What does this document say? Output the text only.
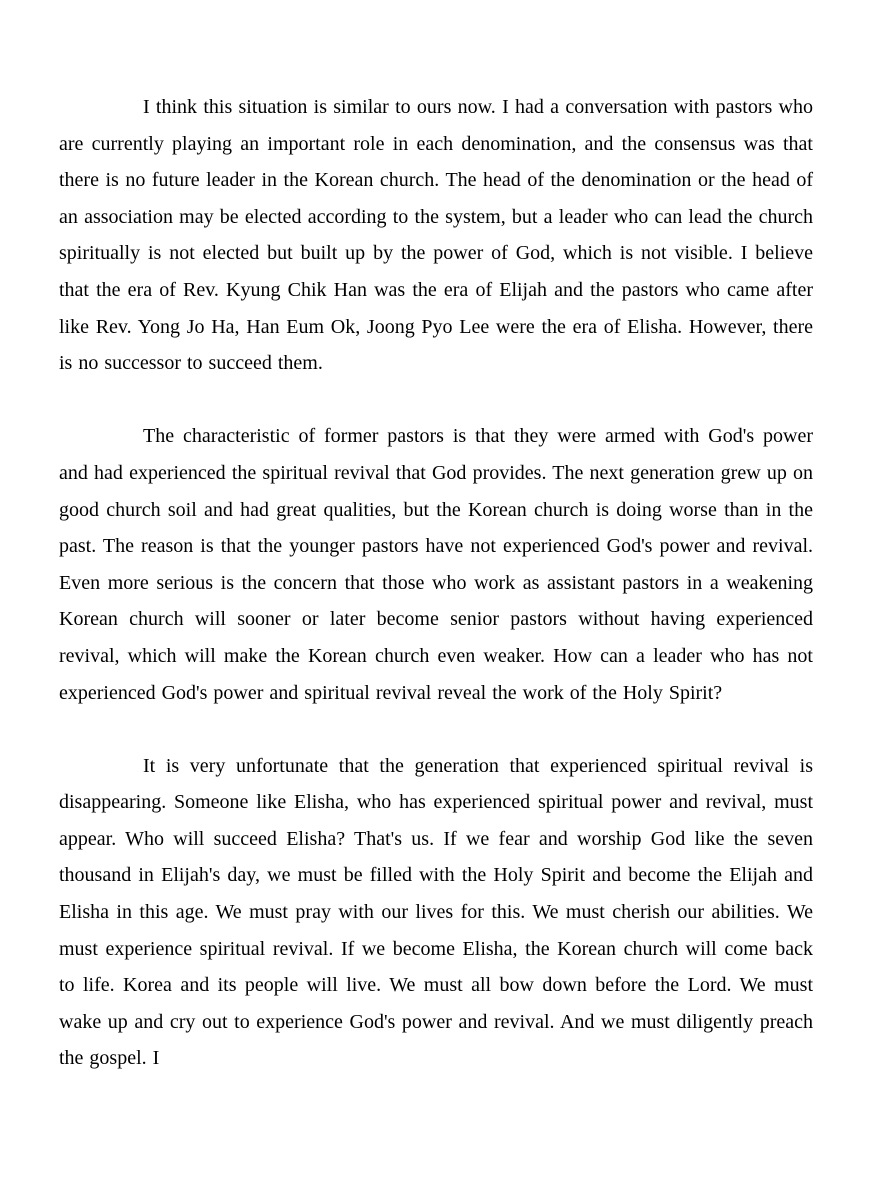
I think this situation is similar to ours now. I had a conversation with pastors who are currently playing an important role in each denomination, and the consensus was that there is no future leader in the Korean church. The head of the denomination or the head of an association may be elected according to the system, but a leader who can lead the church spiritually is not elected but built up by the power of God, which is not visible. I believe that the era of Rev. Kyung Chik Han was the era of Elijah and the pastors who came after like Rev. Yong Jo Ha, Han Eum Ok, Joong Pyo Lee were the era of Elisha. However, there is no successor to succeed them.

The characteristic of former pastors is that they were armed with God's power and had experienced the spiritual revival that God provides. The next generation grew up on good church soil and had great qualities, but the Korean church is doing worse than in the past. The reason is that the younger pastors have not experienced God's power and revival. Even more serious is the concern that those who work as assistant pastors in a weakening Korean church will sooner or later become senior pastors without having experienced revival, which will make the Korean church even weaker. How can a leader who has not experienced God's power and spiritual revival reveal the work of the Holy Spirit?

It is very unfortunate that the generation that experienced spiritual revival is disappearing. Someone like Elisha, who has experienced spiritual power and revival, must appear. Who will succeed Elisha? That's us. If we fear and worship God like the seven thousand in Elijah's day, we must be filled with the Holy Spirit and become the Elijah and Elisha in this age. We must pray with our lives for this. We must cherish our abilities. We must experience spiritual revival. If we become Elisha, the Korean church will come back to life. Korea and its people will live. We must all bow down before the Lord. We must wake up and cry out to experience God's power and revival. And we must diligently preach the gospel. I
